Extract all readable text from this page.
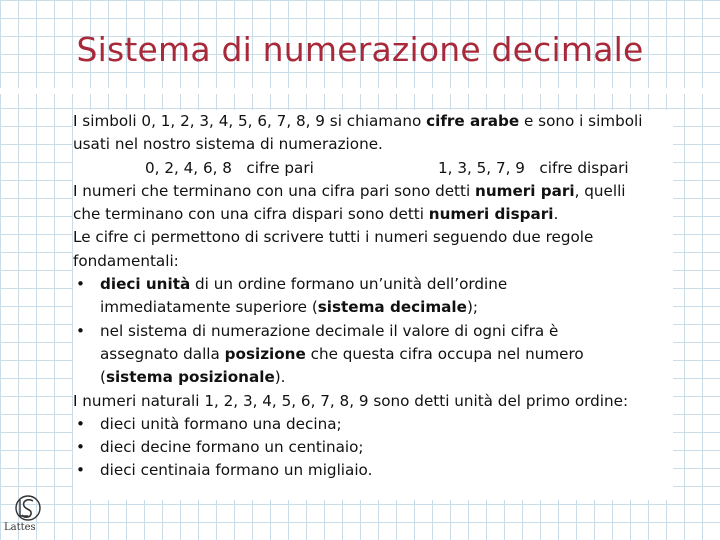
Sistema di numerazione decimale
I simboli 0, 1, 2, 3, 4, 5, 6, 7, 8, 9 si chiamano cifre arabe e sono i simboli
usati nel nostro sistema di numerazione.
0, 2, 4, 6, 8   cifre pari	1, 3, 5, 7, 9   cifre dispari
I numeri che terminano con una cifra pari sono detti numeri pari, quelli
che terminano con una cifra dispari sono detti numeri dispari.
Le cifre ci permettono di scrivere tutti i numeri seguendo due regole
fondamentali:
• dieci unità di un ordine formano un’unità dell’ordine
immediatamente superiore (sistema decimale);
• nel sistema di numerazione decimale il valore di ogni cifra è
assegnato dalla posizione che questa cifra occupa nel numero
(sistema posizionale).
I numeri naturali 1, 2, 3, 4, 5, 6, 7, 8, 9 sono detti unità del primo ordine:
• dieci unità formano una decina;
• dieci decine formano un centinaio;
• dieci centinaia formano un migliaio.
Lattes
